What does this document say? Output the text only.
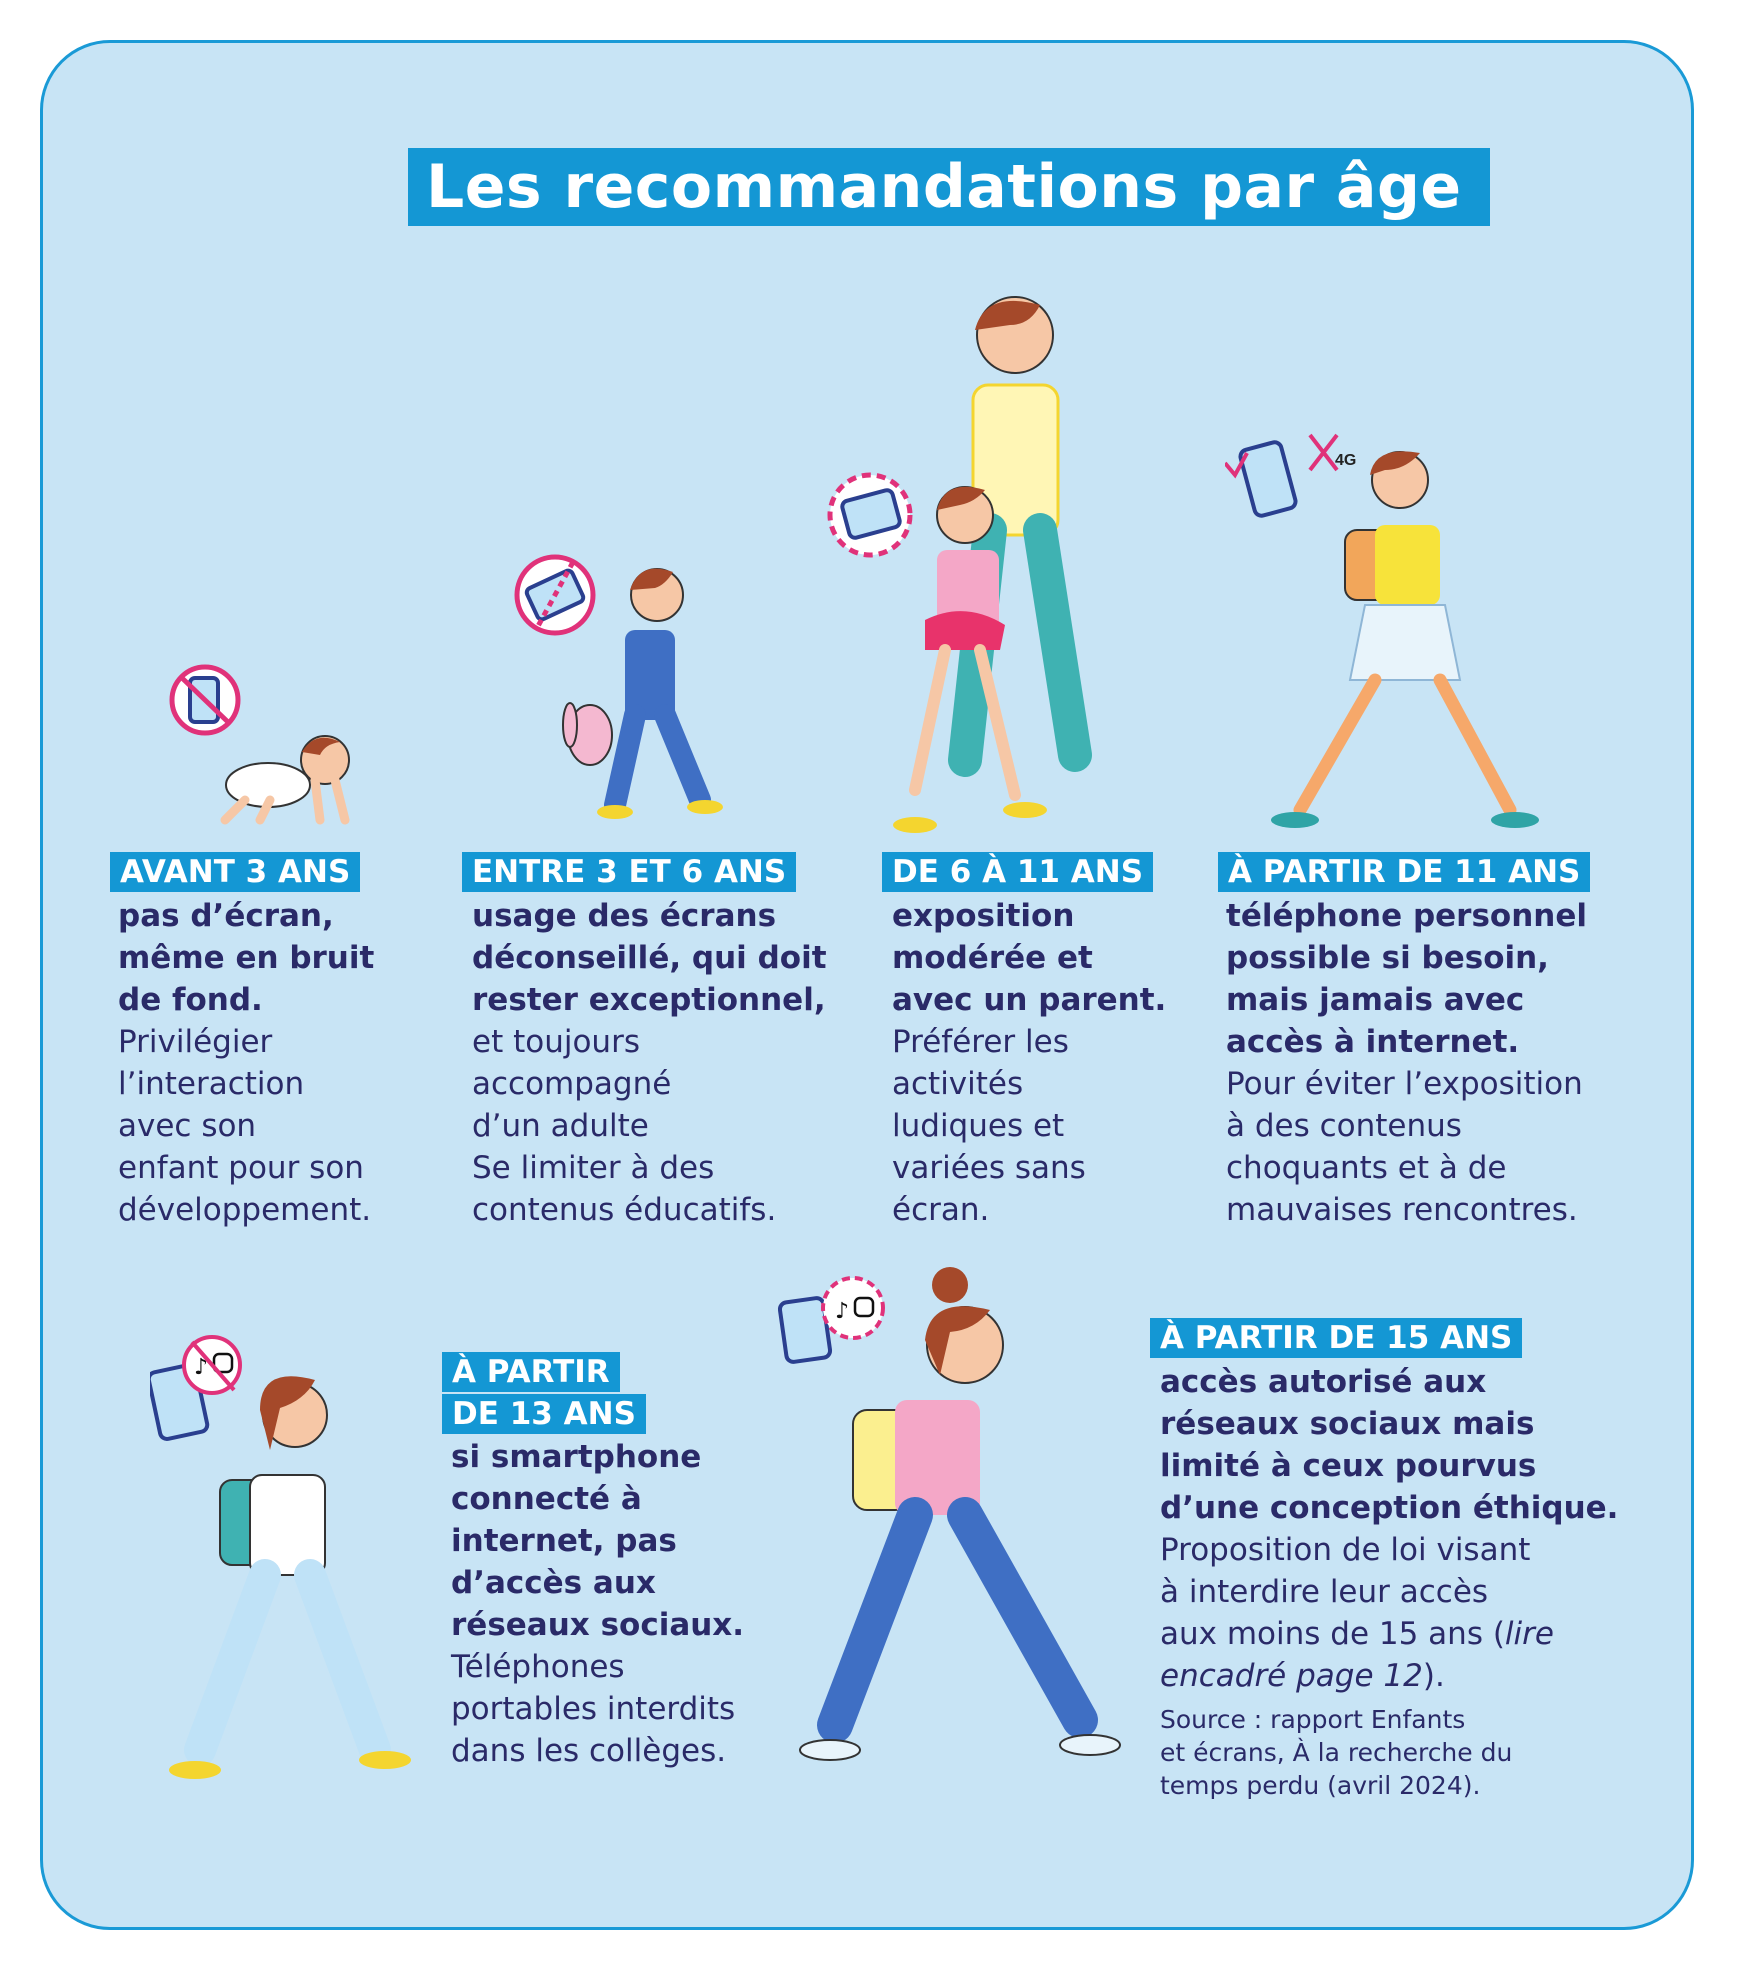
Les recommandations par âge
4G
♪
♪
AVANT 3 ANS
pas d’écran,
même en bruit
de fond.
Privilégier
l’interaction
avec son
enfant pour son
développement.
ENTRE 3 ET 6 ANS
usage des écrans
déconseillé, qui doit
rester exceptionnel,
et toujours
accompagné
d’un adulte
Se limiter à des
contenus éducatifs.
DE 6 À 11 ANS
exposition
modérée et
avec un parent.
Préférer les
activités
ludiques et
variées sans
écran.
À PARTIR DE 11 ANS
téléphone personnel
possible si besoin,
mais jamais avec
accès à internet.
Pour éviter l’exposition
à des contenus
choquants et à de
mauvaises rencontres.
À PARTIR
DE 13 ANS
si smartphone
connecté à
internet, pas
d’accès aux
réseaux sociaux.
Téléphones
portables interdits
dans les collèges.
À PARTIR DE 15 ANS
accès autorisé aux
réseaux sociaux mais
limité à ceux pourvus
d’une conception éthique.
Proposition de loi visant
à interdire leur accès
aux moins de 15 ans (lire
encadré page 12).
Source : rapport Enfants
et écrans, À la recherche du
temps perdu (avril 2024).
